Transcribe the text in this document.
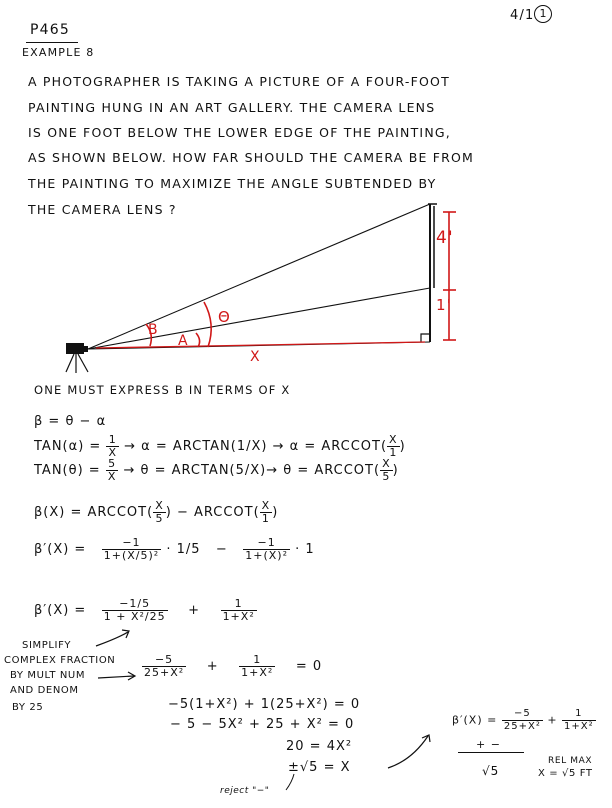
P465
EXAMPLE 8
4/1 1
A PHOTOGRAPHER IS TAKING A PICTURE OF A FOUR-FOOT
PAINTING HUNG IN AN ART GALLERY. THE CAMERA LENS
IS ONE FOOT BELOW THE LOWER EDGE OF THE PAINTING,
AS SHOWN BELOW. HOW FAR SHOULD THE CAMERA BE FROM
THE PAINTING TO MAXIMIZE THE ANGLE SUBTENDED BY
THE CAMERA LENS ?
4'
1'
Β
Α
Θ
X
ONE MUST EXPRESS Β IN TERMS OF X
β = θ − α
$TAN(\alpha) = \frac{1}{X} \to \alpha$ = ARCTAN(1/X) → α = ARCCOT( $\frac{X}{1}$ )
$TAN(\theta) = \frac{5}{X} \to \theta$ = ARCTAN(5/X)→ θ = ARCCOT( $\frac{X}{5}$ )
β(X) = ARCCOT( $\frac{X}{5}$ ) − ARCCOT( $\frac{X}{1}$ )
$\beta'(X) = \frac{-1}{\text{1+(X/5)²}} \cdot 1/5 - \frac{-1}{\text{1+(X)²}} \cdot 1$
$\beta'(X) = \frac{-1/5}{\text{1 + X²/25}} + \frac{1}{\text{1+X²}}$
SIMPLIFY
COMPLEX FRACTION
BY MULT NUM
AND DENOM
BY 25
$\frac{-5}{\text{25+X²}} + \frac{1}{\text{1+X²}} = 0$
−5(1+X²) + 1(25+X²) = 0
− 5 − 5X² + 25 + X² = 0
20 = 4X²
±√5 = X
reject "−"
$\beta'(X) = \frac{-5}{\text{25+X²}} + \frac{1}{\text{1+X²}}$
+ −
√5
REL MAX
X = √5 FT
